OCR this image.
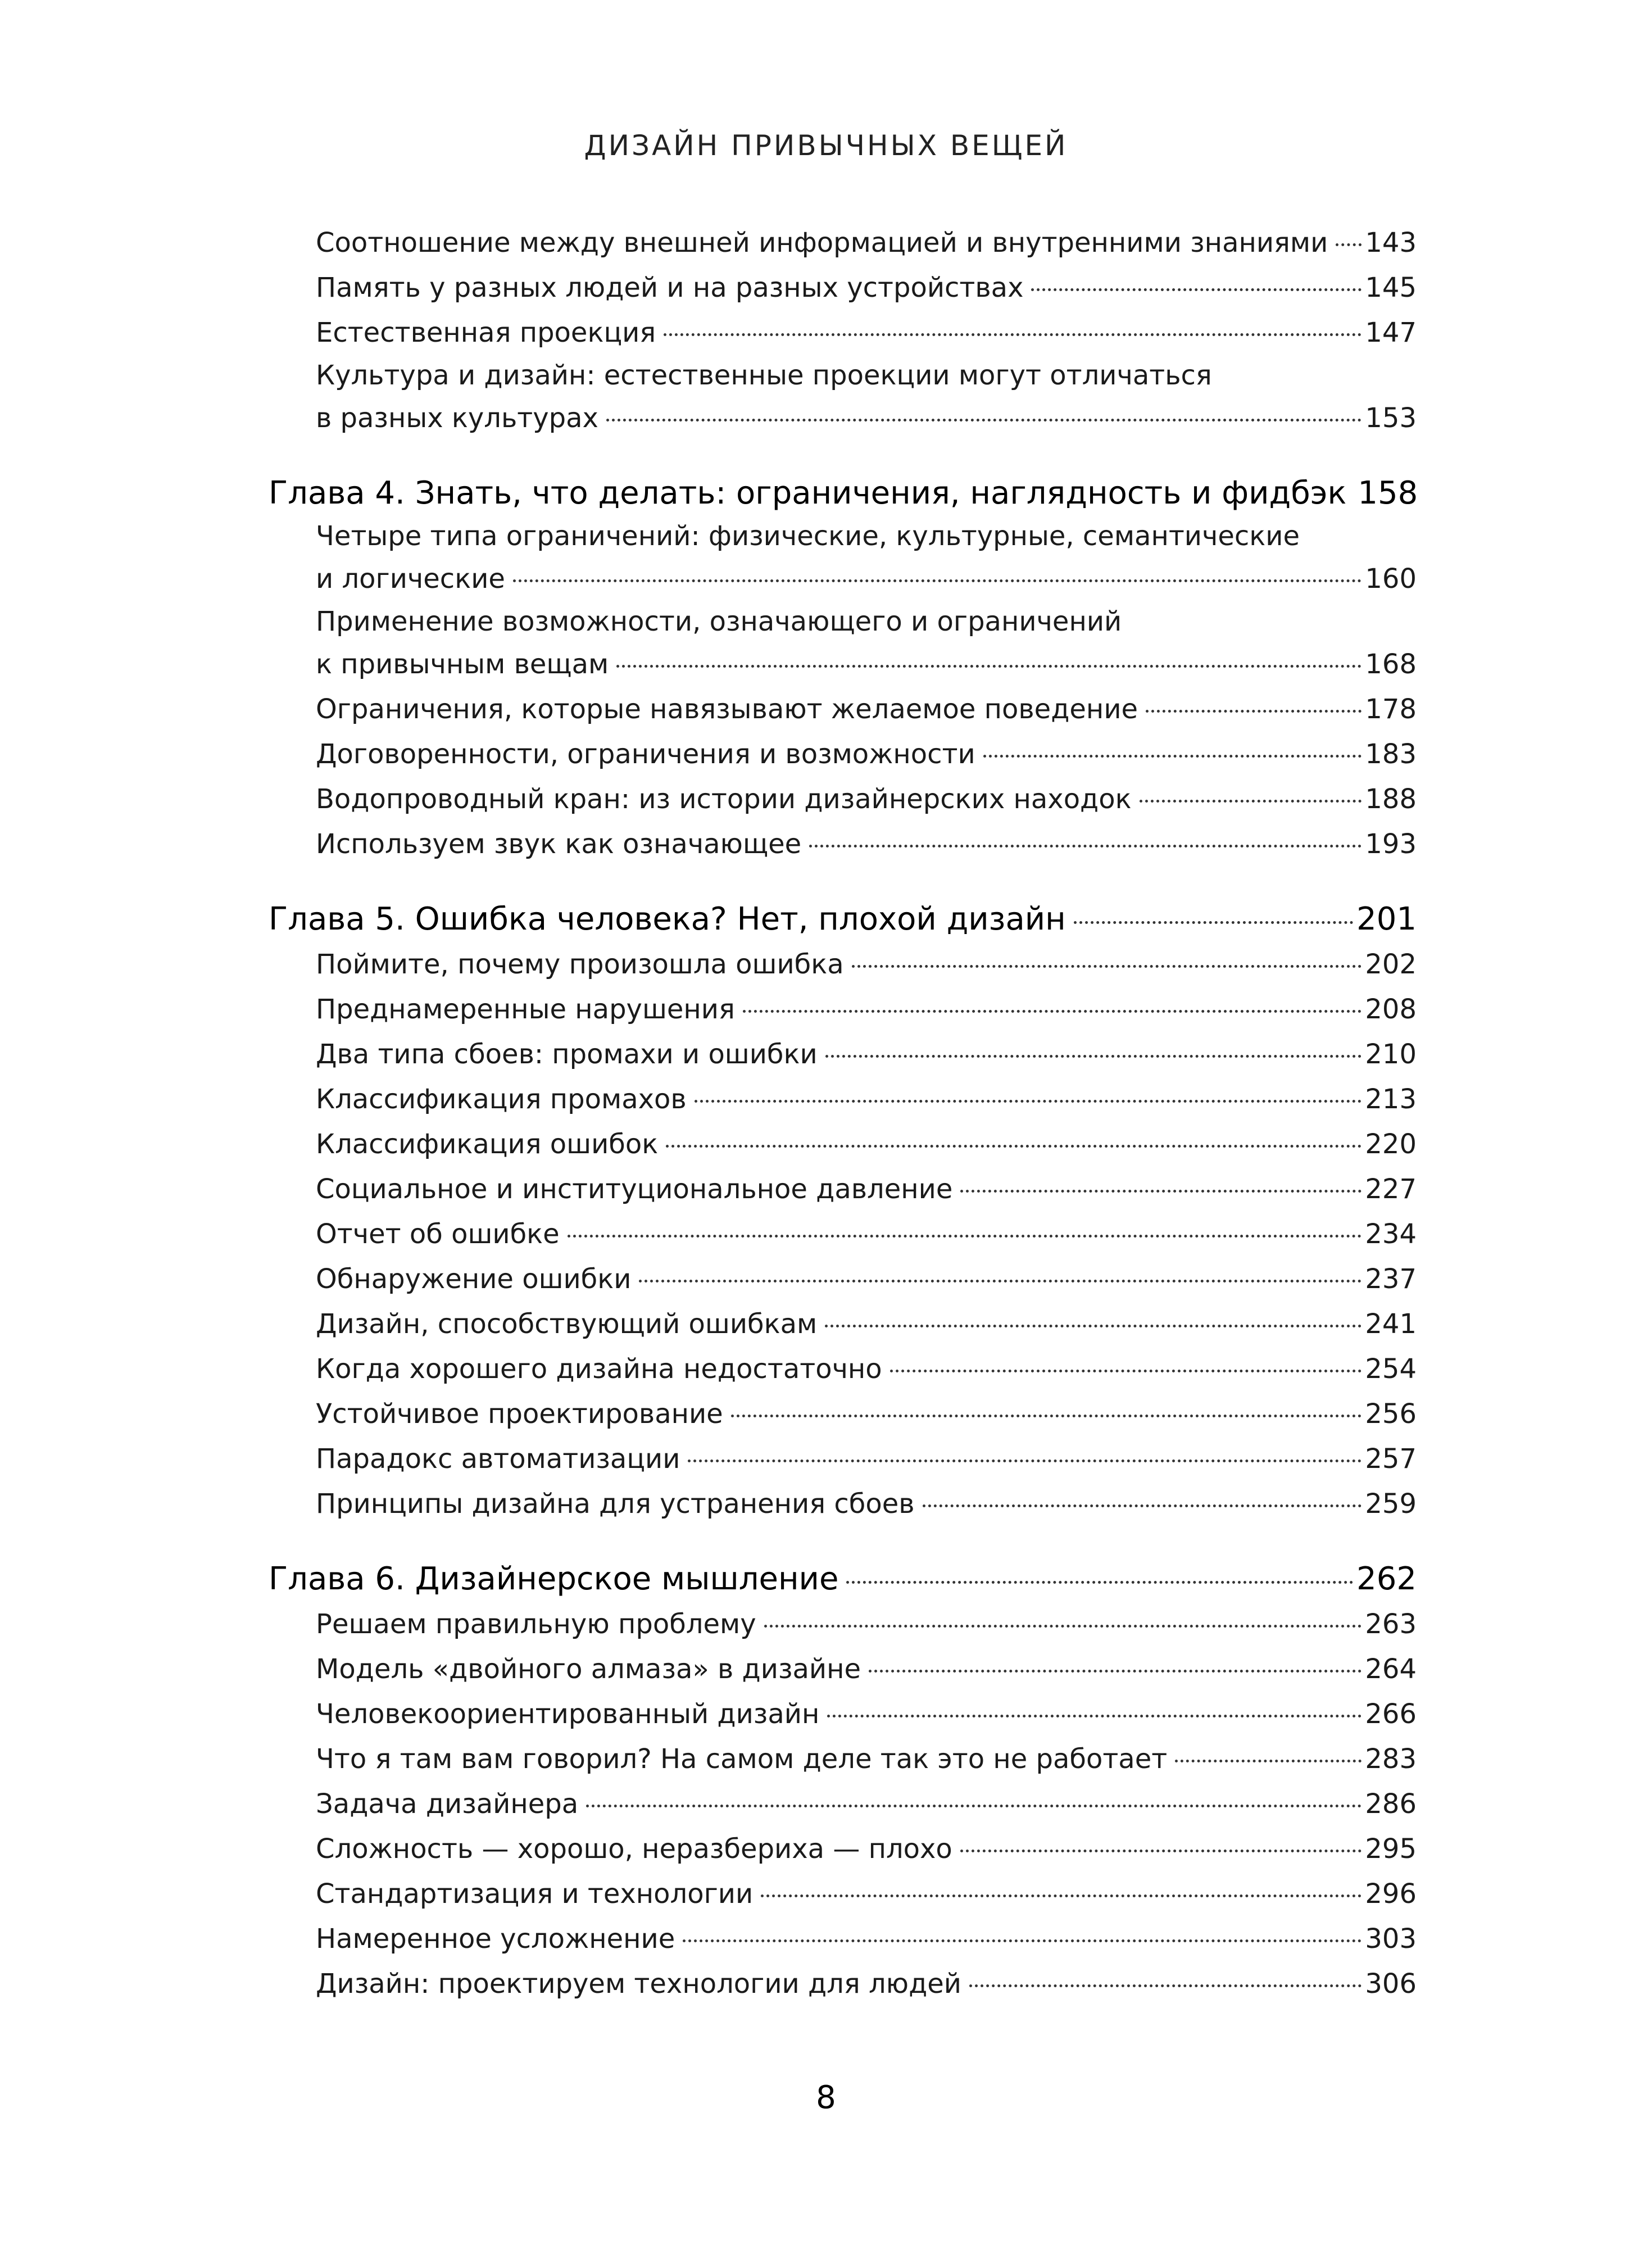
ДИЗАЙН ПРИВЫЧНЫХ ВЕЩЕЙ
Соотношение между внешней информацией и внутренними знаниями 143
Память у разных людей и на разных устройствах	145
Естественная проекция	147
Культура и дизайн: естественные проекции могут отличаться
в разных культурах	153
Глава 4. Знать, что делать: ограничения, наглядность и фидбэк 158
Четыре типа ограничений: физические, культурные, семантические
и логические	160
Применение возможности, означающего и ограничений
к привычным вещам	168
Ограничения, которые навязывают желаемое поведение	178
Договоренности, ограничения и возможности	183
Водопроводный кран: из истории дизайнерских находок	188
Используем звук как означающее	193
Глава 5. Ошибка человека? Нет, плохой дизайн	201
Поймите, почему произошла ошибка	202
Преднамеренные нарушения	208
Два типа сбоев: промахи и ошибки	210
Классификация промахов	213
Классификация ошибок	220
Социальное и институциональное давление	227
Отчет об ошибке	234
Обнаружение ошибки	237
Дизайн, способствующий ошибкам	241
Когда хорошего дизайна недостаточно	254
Устойчивое проектирование	256
Парадокс автоматизации	257
Принципы дизайна для устранения сбоев	259
Глава 6. Дизайнерское мышление	262
Решаем правильную проблему	263
Модель «двойного алмаза» в дизайне	264
Человекоориентированный дизайн	266
Что я там вам говорил? На самом деле так это не работает	283
Задача дизайнера	286
Сложность — хорошо, неразбериха — плохо	295
Стандартизация и технологии	296
Намеренное усложнение	303
Дизайн: проектируем технологии для людей	306
8
